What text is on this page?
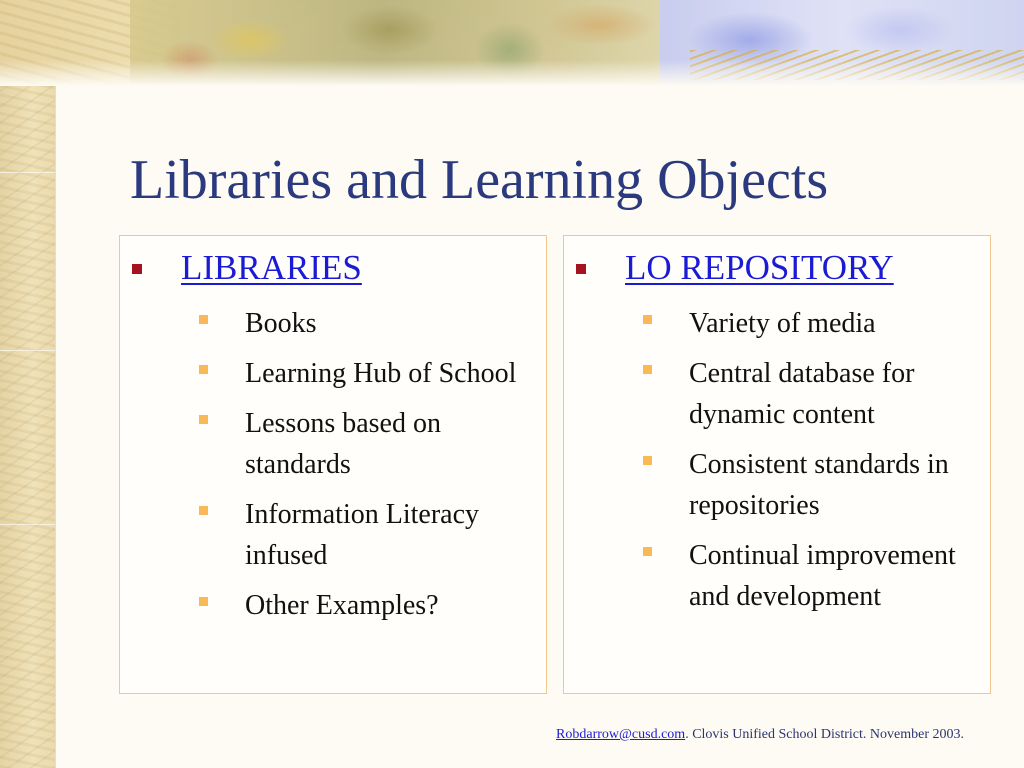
Libraries and Learning Objects
LIBRARIES
Books
Learning Hub of School
Lessons based on standards
Information Literacy infused
Other Examples?
LO REPOSITORY
Variety of media
Central database for dynamic content
Consistent standards in repositories
Continual improvement and development
Robdarrow@cusd.com. Clovis Unified School District. November 2003.
